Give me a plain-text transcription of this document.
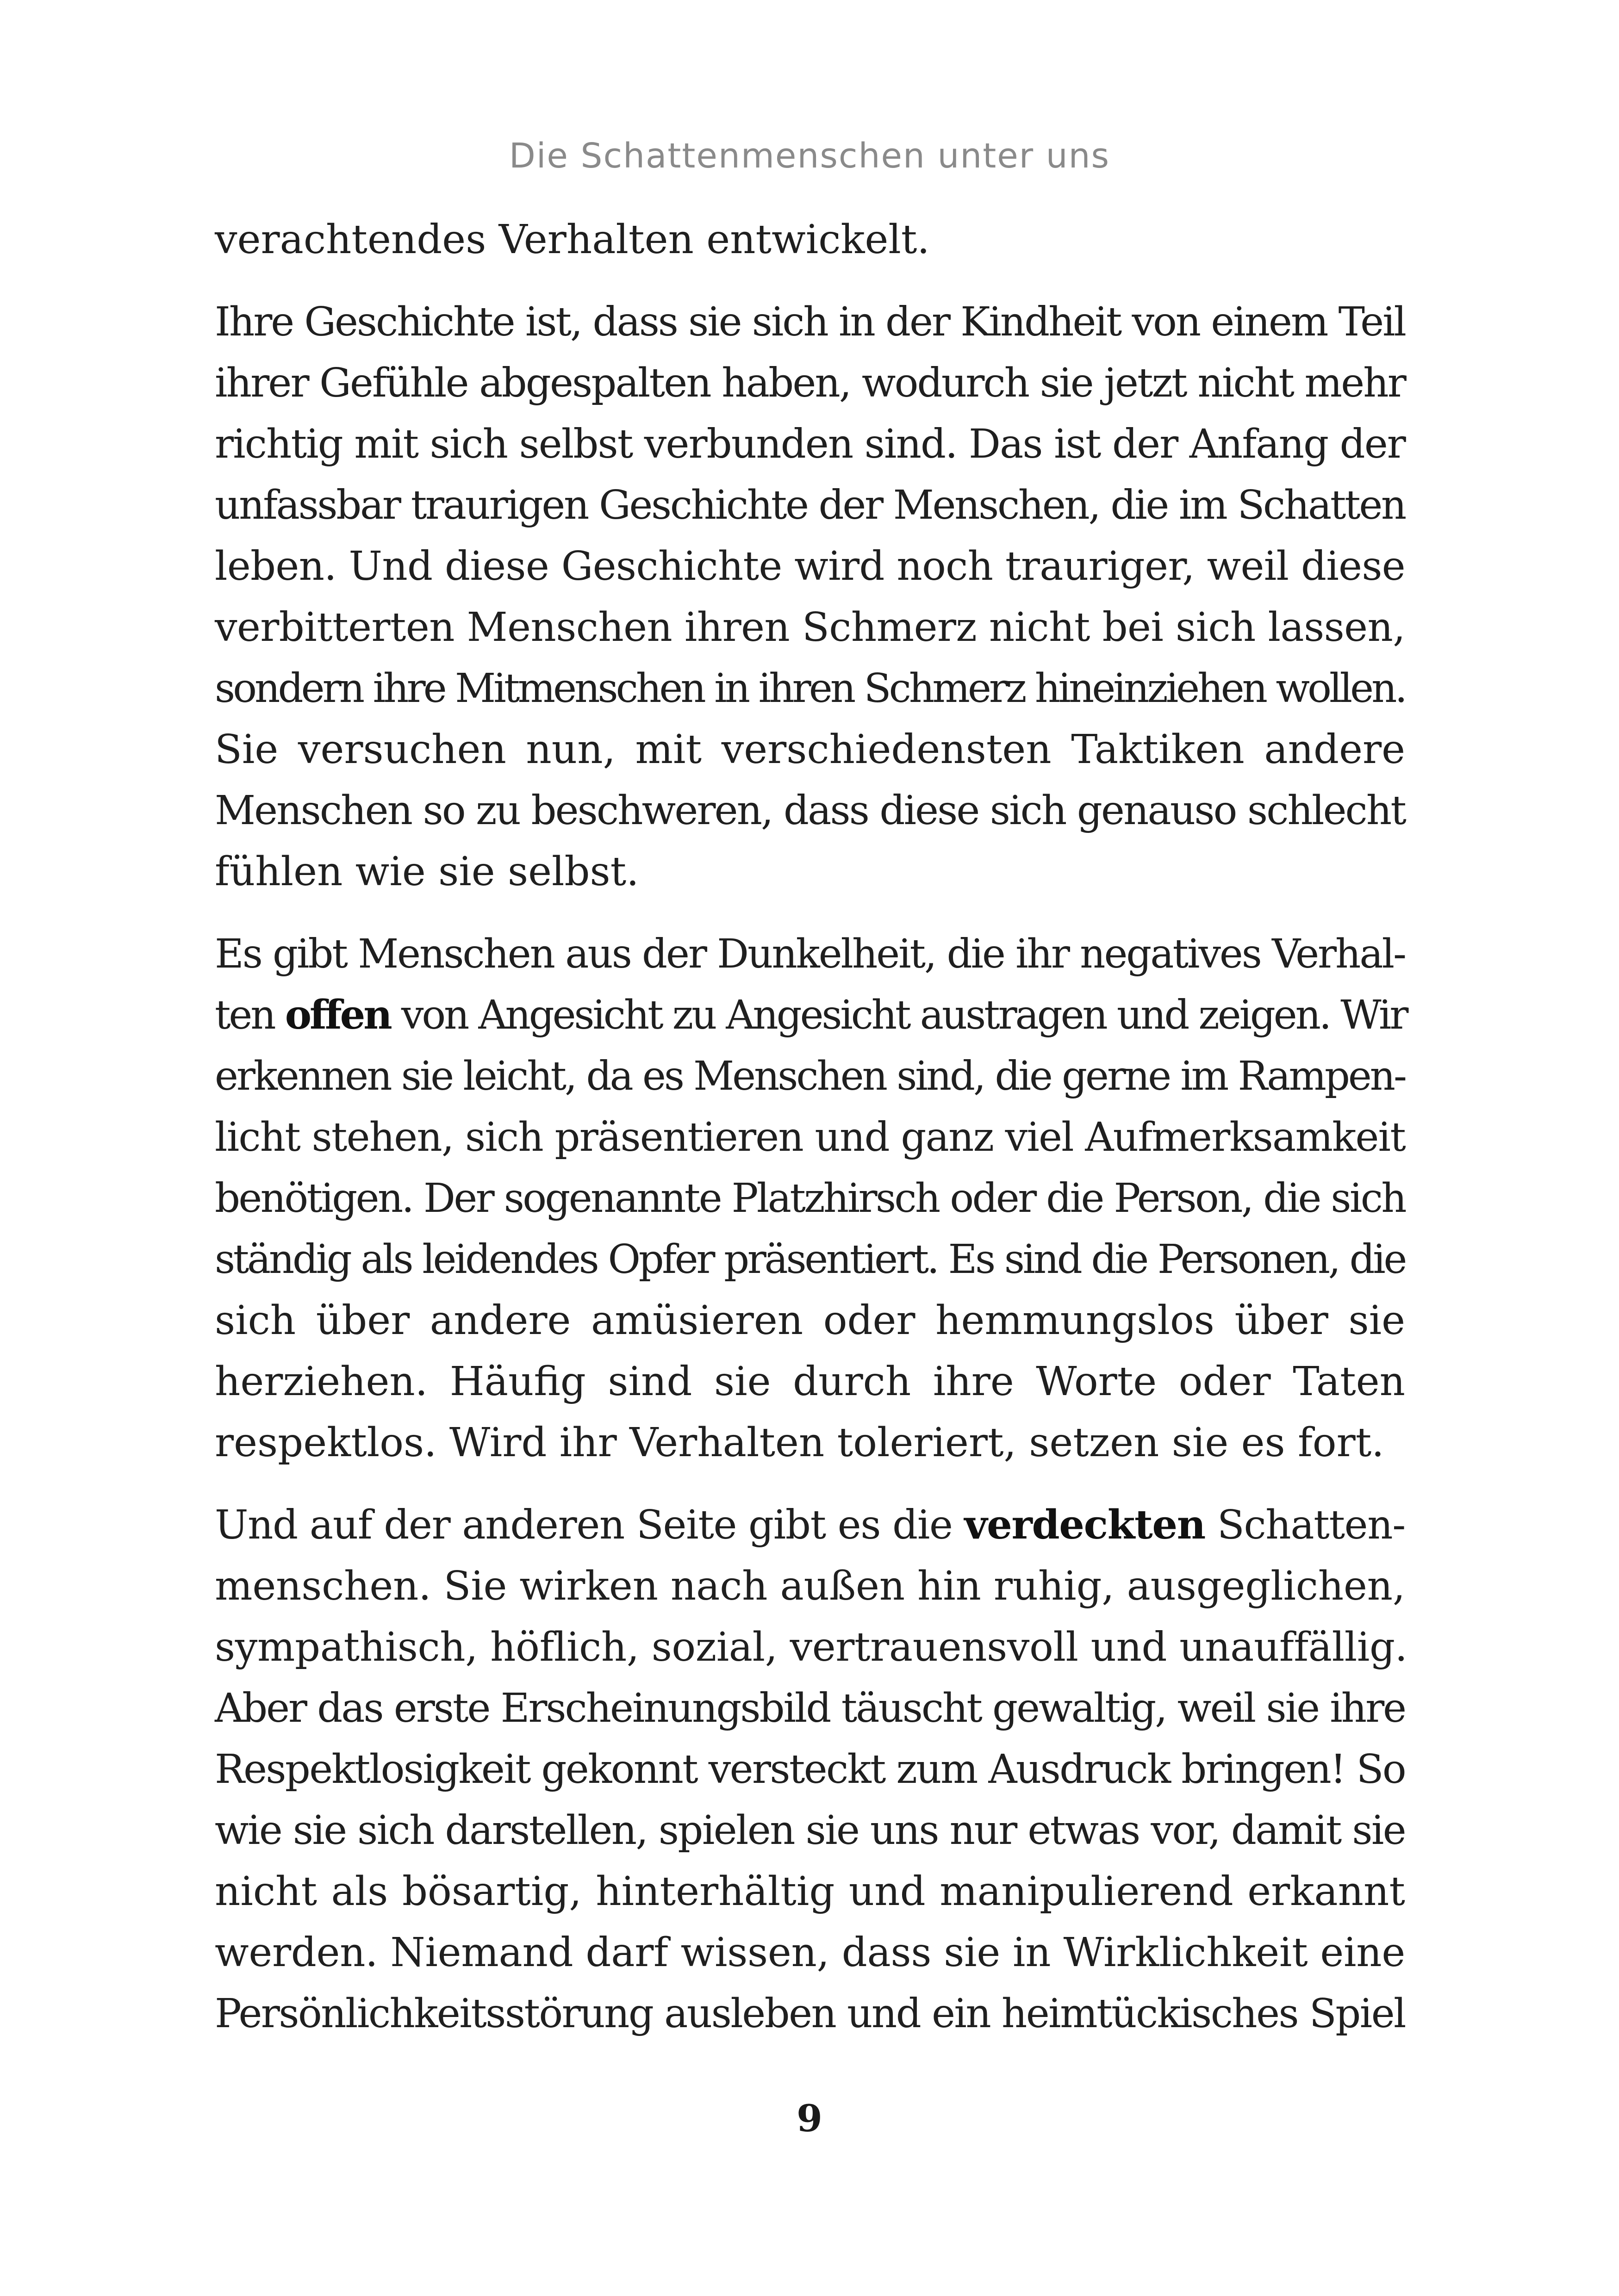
Die Schattenmenschen unter uns

verachtendes Verhalten entwickelt.

Ihre Geschichte ist, dass sie sich in der Kindheit von einem Teil
ihrer Gefühle abgespalten haben, wodurch sie jetzt nicht mehr
richtig mit sich selbst verbunden sind. Das ist der Anfang der
unfassbar traurigen Geschichte der Menschen, die im Schatten
leben. Und diese Geschichte wird noch trauriger, weil diese
verbitterten Menschen ihren Schmerz nicht bei sich lassen,
sondern ihre Mitmenschen in ihren Schmerz hineinziehen wollen.
Sie versuchen nun, mit verschiedensten Taktiken andere
Menschen so zu beschweren, dass diese sich genauso schlecht
fühlen wie sie selbst.

Es gibt Menschen aus der Dunkelheit, die ihr negatives Verhal-
ten offen von Angesicht zu Angesicht austragen und zeigen. Wir
erkennen sie leicht, da es Menschen sind, die gerne im Rampen-
licht stehen, sich präsentieren und ganz viel Aufmerksamkeit
benötigen. Der sogenannte Platzhirsch oder die Person, die sich
ständig als leidendes Opfer präsentiert. Es sind die Personen, die
sich über andere amüsieren oder hemmungslos über sie
herziehen. Häufig sind sie durch ihre Worte oder Taten
respektlos. Wird ihr Verhalten toleriert, setzen sie es fort.

Und auf der anderen Seite gibt es die verdeckten Schatten-
menschen. Sie wirken nach außen hin ruhig, ausgeglichen,
sympathisch, höflich, sozial, vertrauensvoll und unauffällig.
Aber das erste Erscheinungsbild täuscht gewaltig, weil sie ihre
Respektlosigkeit gekonnt versteckt zum Ausdruck bringen! So
wie sie sich darstellen, spielen sie uns nur etwas vor, damit sie
nicht als bösartig, hinterhältig und manipulierend erkannt
werden. Niemand darf wissen, dass sie in Wirklichkeit eine
Persönlichkeitsstörung ausleben und ein heimtückisches Spiel

9
